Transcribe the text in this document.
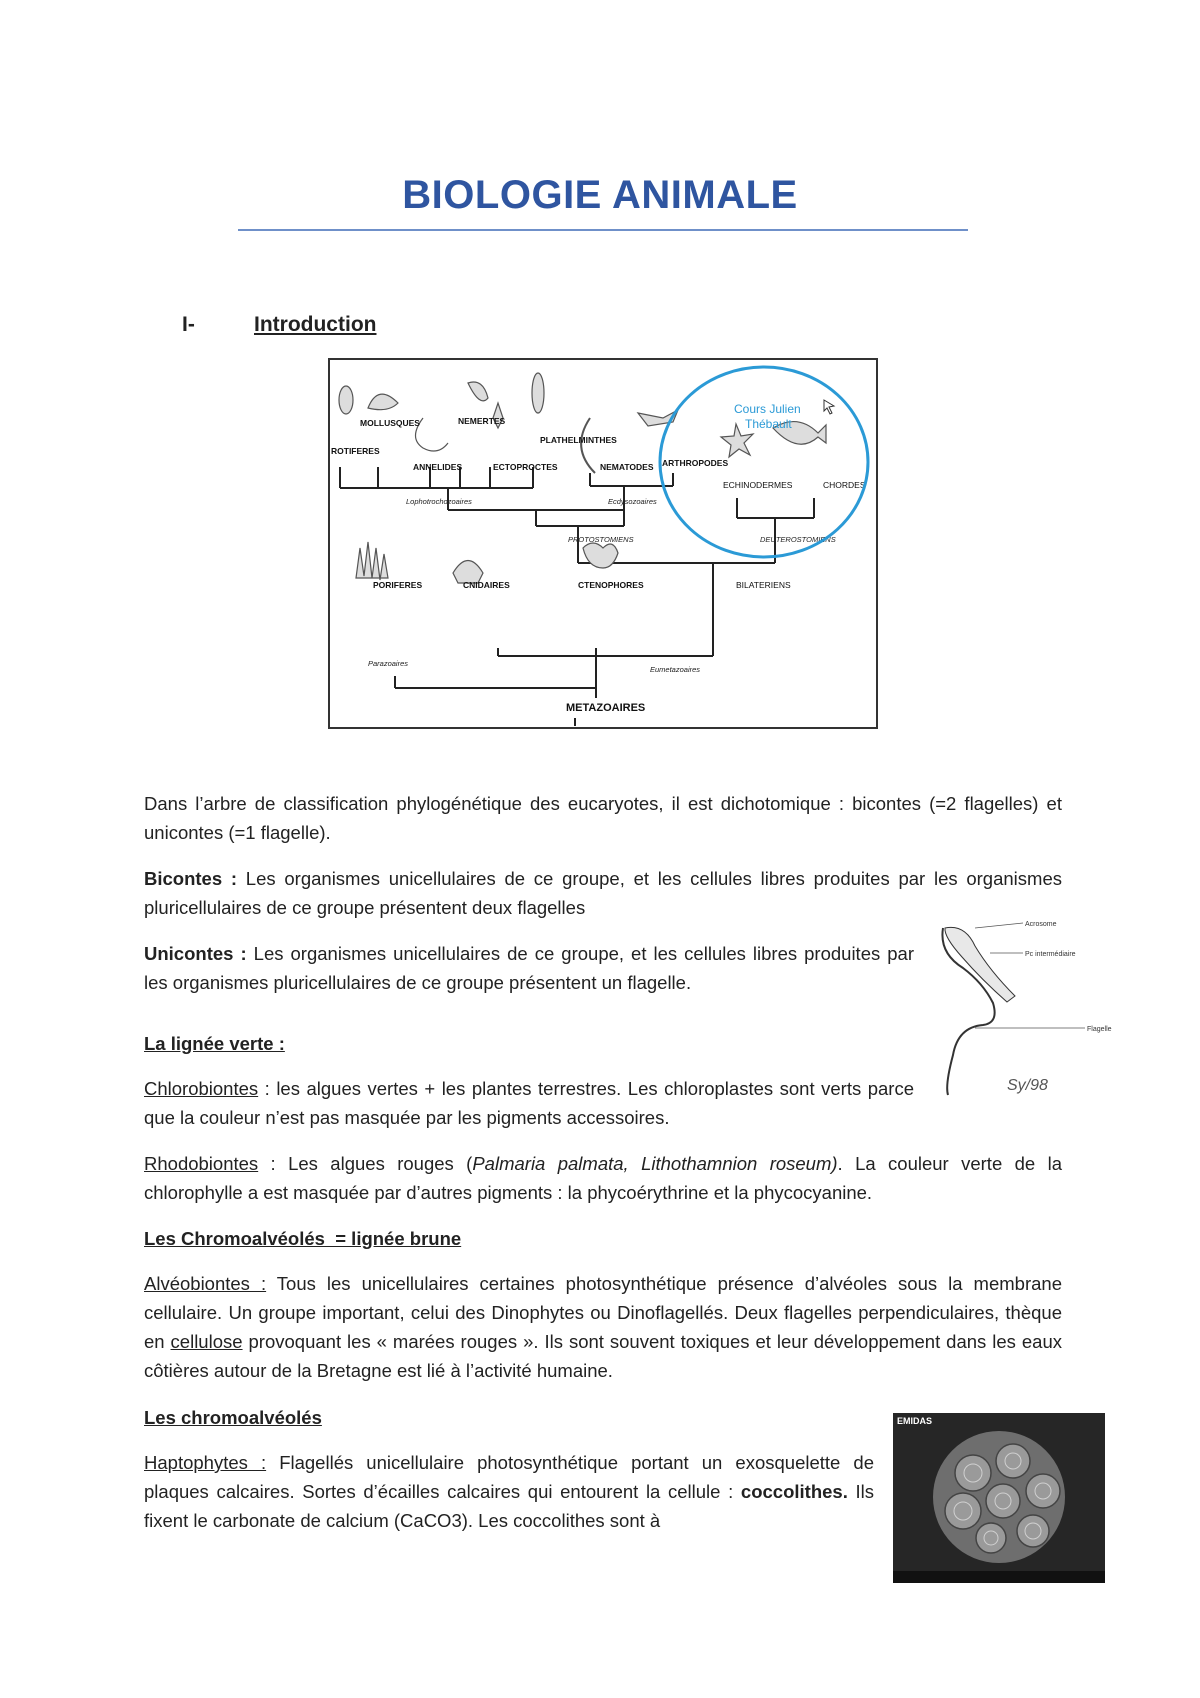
BIOLOGIE ANIMALE
I-	Introduction
ROTIFERES
MOLLUSQUES
ANNELIDES
NEMERTES
ECTOPROCTES
PLATHELMINTHES
NEMATODES ARTHROPODES
ECHINODERMES	CHORDES
PORIFERES	CNIDAIRES	CTENOPHORES	BILATERIENS
METAZOAIRES
Lophotrochozoaires	Ecdysozoaires
PROTOSTOMIENS	DEUTEROSTOMIENS
Parazoaires
Eumetazoaires
Cours Julien
Thébault
Dans l’arbre de classification phylogénétique des eucaryotes, il est dichotomique : bicontes (=2 flagelles) et unicontes (=1 flagelle).
Bicontes : Les organismes unicellulaires de ce groupe, et les cellules libres produites par les organismes pluricellulaires de ce groupe présentent deux flagelles
Unicontes : Les organismes unicellulaires de ce groupe, et les cellules libres produites par les organismes pluricellulaires de ce groupe présentent un flagelle.
Acrosome
Pc intermédiaire
Flagelle
Sy/98
La lignée verte :
Chlorobiontes : les algues vertes + les plantes terrestres. Les chloroplastes sont verts parce que la couleur n’est pas masquée par les pigments accessoires.
Rhodobiontes : Les algues rouges (Palmaria palmata, Lithothamnion roseum). La couleur verte de la chlorophylle a est masquée par d’autres pigments : la phycoérythrine et la phycocyanine.
Les Chromoalvéolés  = lignée brune
Alvéobiontes : Tous les unicellulaires certaines photosynthétique présence d’alvéoles sous la membrane cellulaire. Un groupe important, celui des Dinophytes ou Dinoflagellés. Deux flagelles perpendiculaires, thèque en cellulose provoquant les « marées rouges ». Ils sont souvent toxiques et leur développement dans les eaux côtières autour de la Bretagne est lié à l’activité humaine.
Les chromoalvéolés
Haptophytes : Flagellés unicellulaire photosynthétique portant un exosquelette de plaques calcaires. Sortes d’écailles calcaires qui entourent la cellule : coccolithes. Ils fixent le carbonate de calcium (CaCO3). Les coccolithes sont à
EMIDAS
